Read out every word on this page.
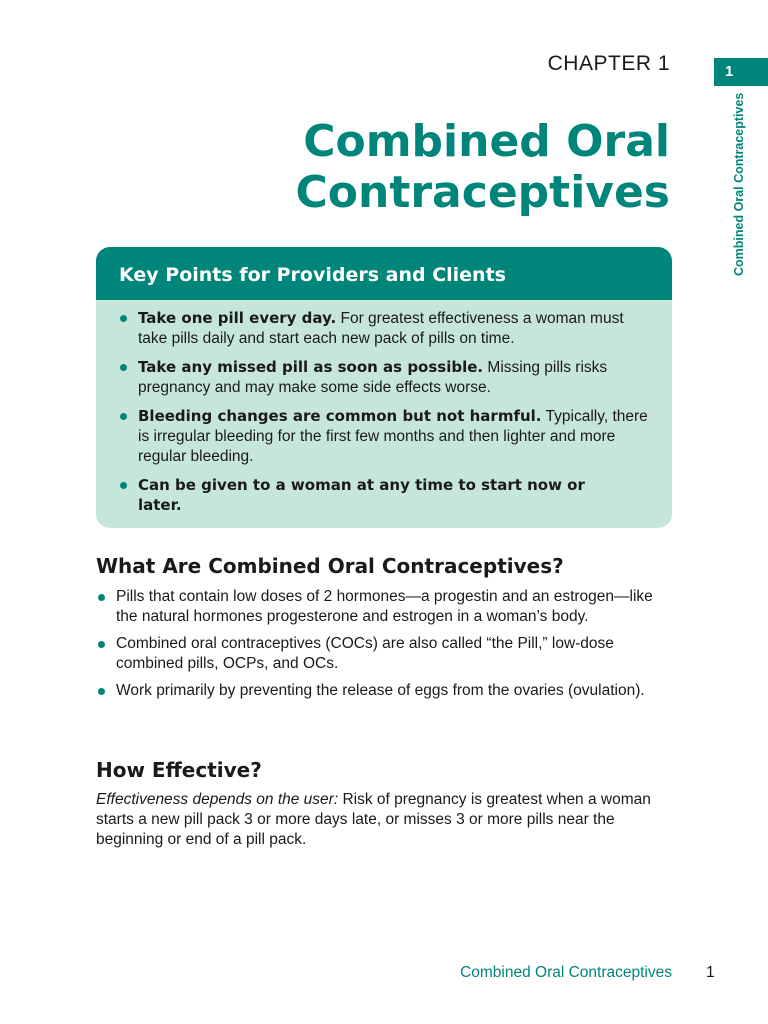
CHAPTER 1
Combined Oral
Contraceptives
1
Combined Oral Contraceptives
Key Points for Providers and Clients
Take one pill every day. For greatest effectiveness a woman must take pills daily and start each new pack of pills on time.
Take any missed pill as soon as possible. Missing pills risks pregnancy and may make some side effects worse.
Bleeding changes are common but not harmful. Typically, there is irregular bleeding for the first few months and then lighter and more regular bleeding.
Can be given to a woman at any time to start now or later.
What Are Combined Oral Contraceptives?
Pills that contain low doses of 2 hormones—a progestin and an estrogen—like the natural hormones progesterone and estrogen in a woman’s body.
Combined oral contraceptives (COCs) are also called “the Pill,” low-dose combined pills, OCPs, and OCs.
Work primarily by preventing the release of eggs from the ovaries (ovulation).
How Effective?

Effectiveness depends on the user: Risk of pregnancy is greatest when a woman starts a new pill pack 3 or more days late, or misses 3 or more pills near the beginning or end of a pill pack.

Combined Oral Contraceptives 1
